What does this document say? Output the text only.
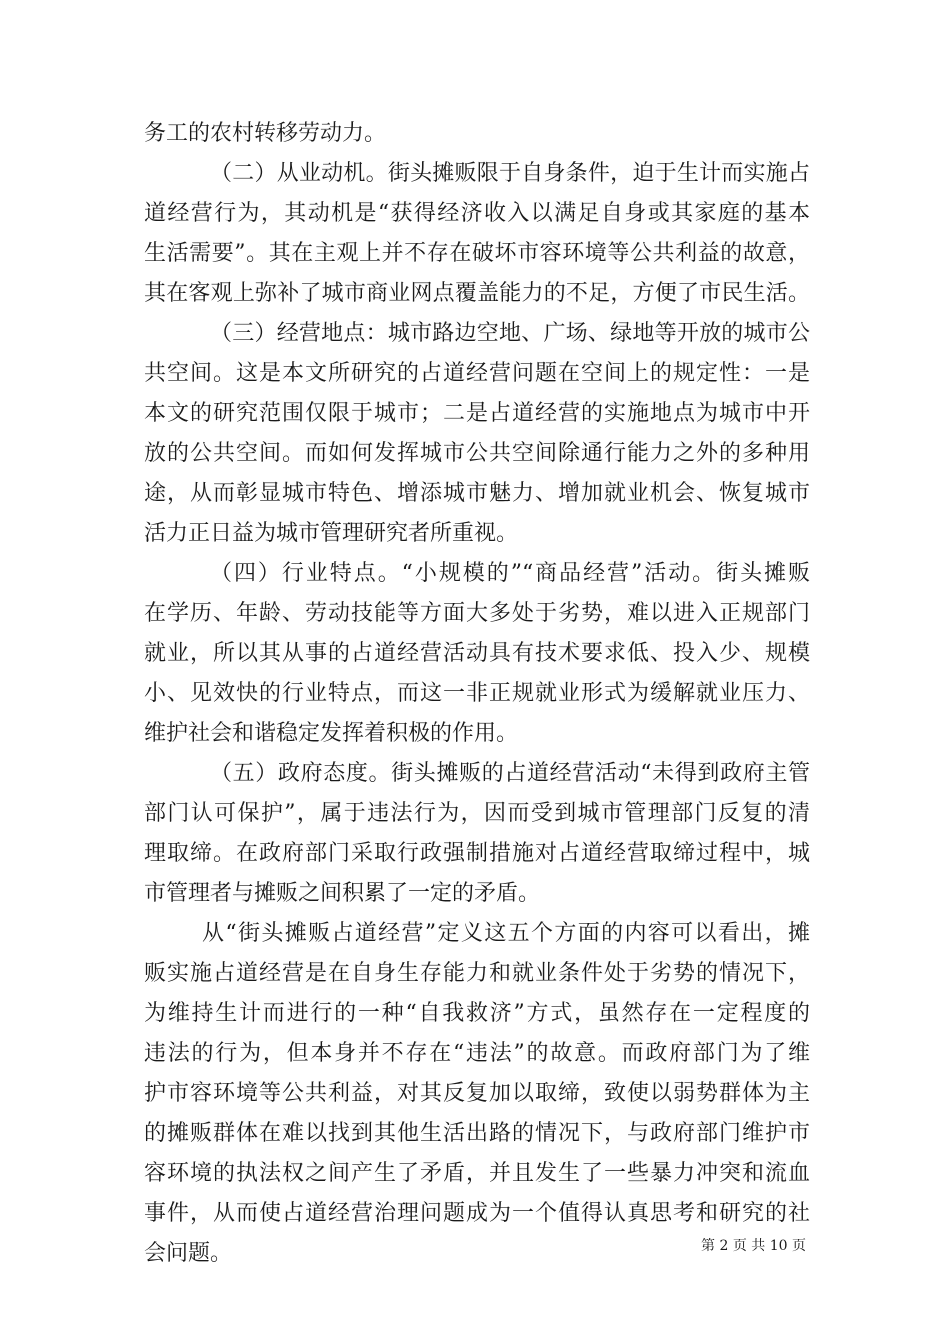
务工的农村转移劳动力。
（二）从业动机。街头摊贩限于自身条件，迫于生计而实施占
道经营行为，其动机是“获得经济收入以满足自身或其家庭的基本
生活需要”。其在主观上并不存在破坏市容环境等公共利益的故意，
其在客观上弥补了城市商业网点覆盖能力的不足，方便了市民生活。
（三）经营地点：城市路边空地、广场、绿地等开放的城市公
共空间。这是本文所研究的占道经营问题在空间上的规定性：一是
本文的研究范围仅限于城市；二是占道经营的实施地点为城市中开
放的公共空间。而如何发挥城市公共空间除通行能力之外的多种用
途，从而彰显城市特色、增添城市魅力、增加就业机会、恢复城市
活力正日益为城市管理研究者所重视。
（四）行业特点。“小规模的”“商品经营”活动。街头摊贩
在学历、年龄、劳动技能等方面大多处于劣势，难以进入正规部门
就业，所以其从事的占道经营活动具有技术要求低、投入少、规模
小、见效快的行业特点，而这一非正规就业形式为缓解就业压力、
维护社会和谐稳定发挥着积极的作用。
（五）政府态度。街头摊贩的占道经营活动“未得到政府主管
部门认可保护”，属于违法行为，因而受到城市管理部门反复的清
理取缔。在政府部门采取行政强制措施对占道经营取缔过程中，城
市管理者与摊贩之间积累了一定的矛盾。
从“街头摊贩占道经营”定义这五个方面的内容可以看出，摊
贩实施占道经营是在自身生存能力和就业条件处于劣势的情况下，
为维持生计而进行的一种“自我救济”方式，虽然存在一定程度的
违法的行为，但本身并不存在“违法”的故意。而政府部门为了维
护市容环境等公共利益，对其反复加以取缔，致使以弱势群体为主
的摊贩群体在难以找到其他生活出路的情况下，与政府部门维护市
容环境的执法权之间产生了矛盾，并且发生了一些暴力冲突和流血
事件，从而使占道经营治理问题成为一个值得认真思考和研究的社
会问题。	第 2 页 共 10 页
